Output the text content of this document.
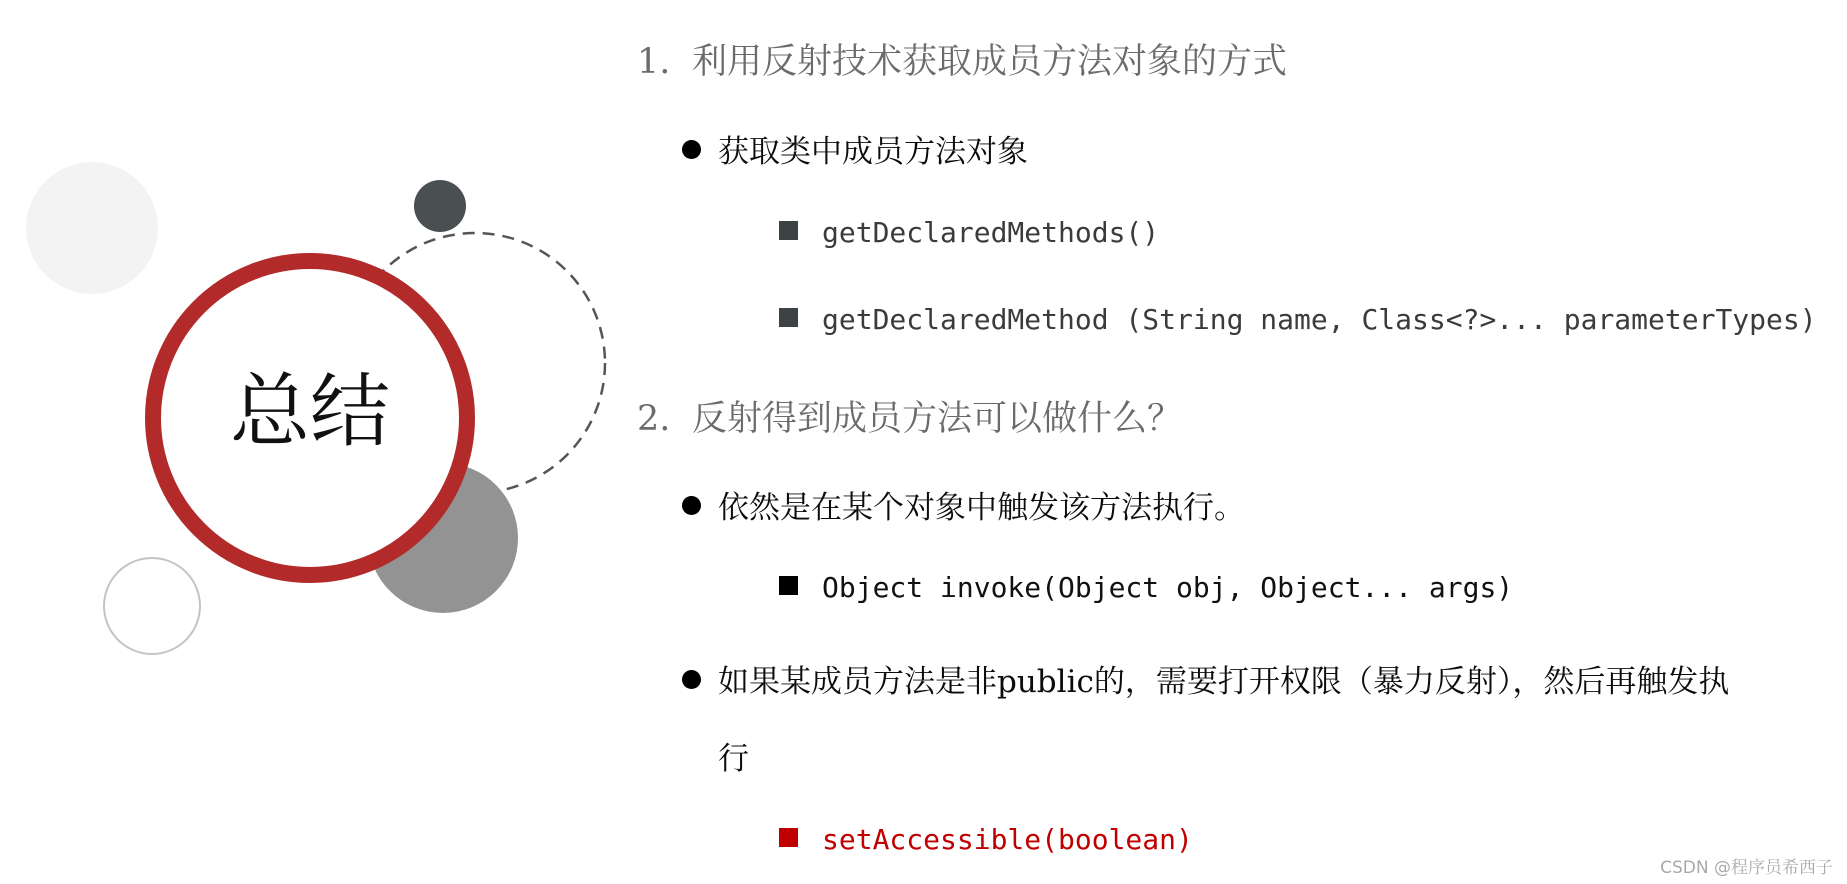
总结
1. 利用反射技术获取成员方法对象的方式
获取类中成员方法对象
getDeclaredMethods()
getDeclaredMethod (String name, Class<?>... parameterTypes)
2. 反射得到成员方法可以做什么？
依然是在某个对象中触发该方法执行。
Object invoke(Object obj, Object... args)
如果某成员方法是非public的，需要打开权限（暴力反射），然后再触发执
行
setAccessible(boolean)
CSDN @程序员希西子
